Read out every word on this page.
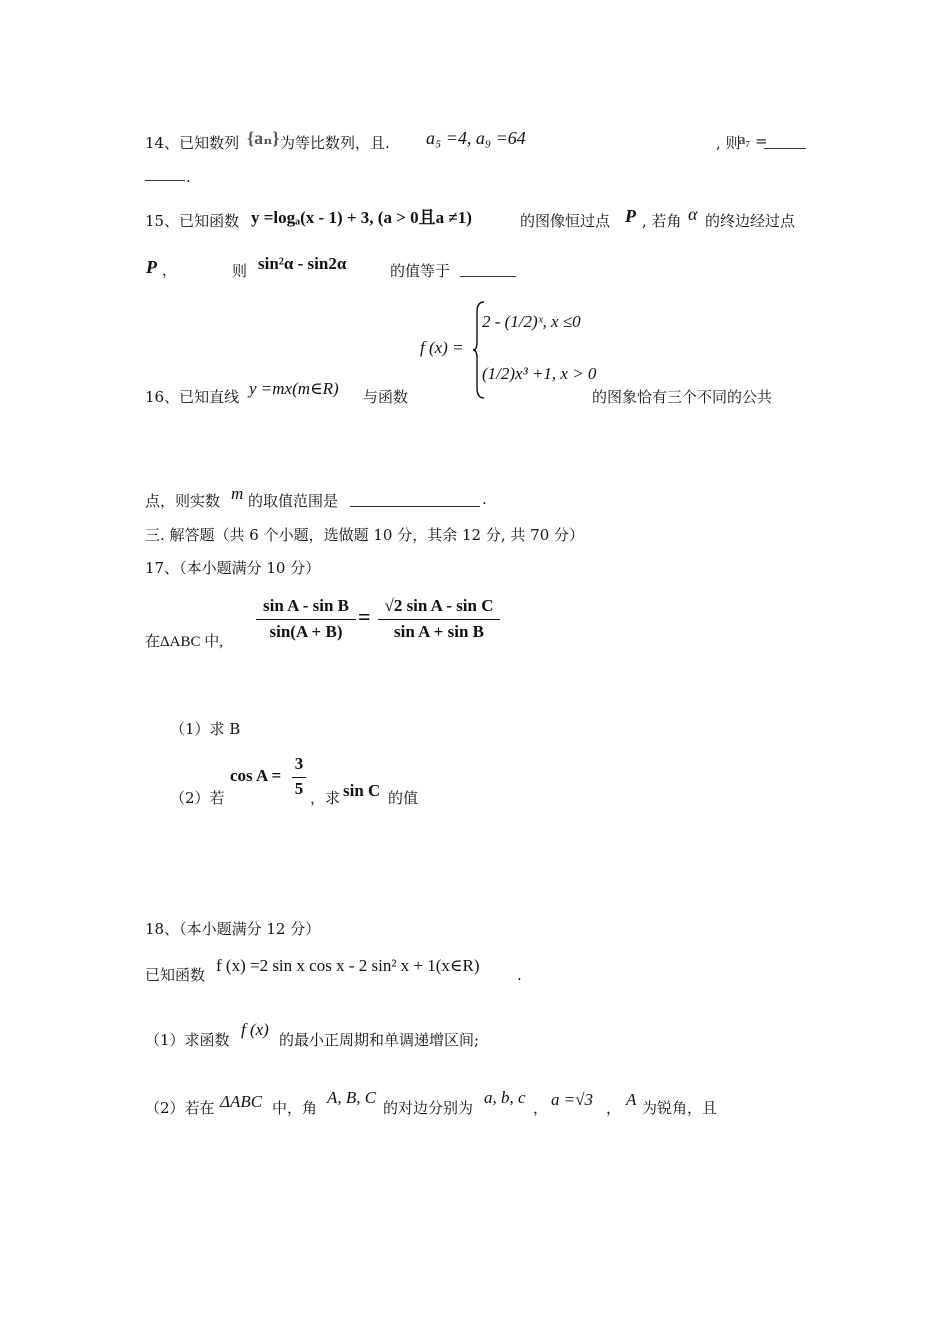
14、已知数列 {aₙ} 为等比数列，且. a₅ =4, a₉ =64	, 则
a₇ =
.
15、已知函数 y =logₐ(x - 1) + 3, (a > 0且a ≠1)	的图像恒过点 P , 若角 α 的终边经过点
P ，	则 sin²α - sin2α	的值等于
f (x) =
2 - (1/2)ˣ, x ≤0
(1/2)x³ +1, x > 0
16、已知直线 y =mx(m∈R) 与函数	的图象恰有三个不同的公共
点，则实数 m 的取值范围是	.
三. 解答题（共 6 个小题，选做题 10 分，其余 12 分, 共 70 分）
17、（本小题满分 10 分）
在ΔABC 中,
sin A - sin B
sin(A + B)
= √2 sin A - sin C
sin A + sin B
（1）求 B
（2）若
cos A =
3
5 ，求 sin C 的值
18、（本小题满分 12 分）
已知函数 f (x) =2 sin x cos x - 2 sin² x + 1(x∈R)	.
（1）求函数
f (x)
的最小正周期和单调递增区间;
（2）若在 ΔABC 中，角
A, B, C
的对边分别为
a, b, c
， a =√3 ， A 为锐角，且
